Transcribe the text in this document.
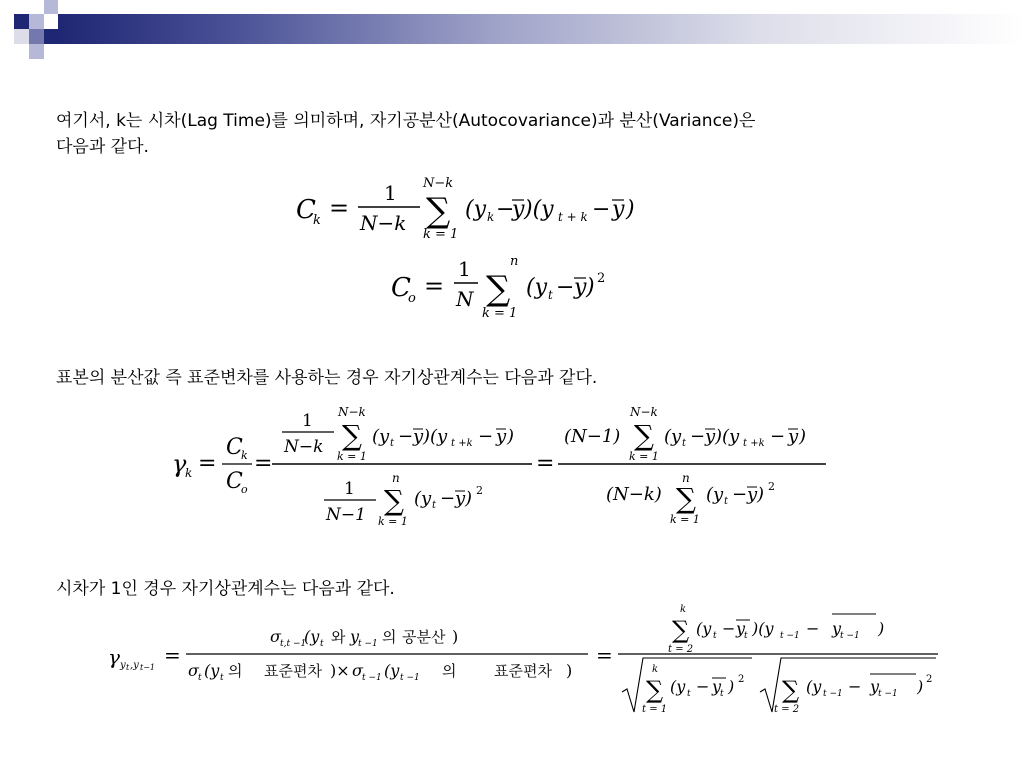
여기서, k는 시차(Lag Time)를 의미하며, 자기공분산(Autocovariance)과 분산(Variance)은
다음과 같다.
C
k =
1
N−k
N−k
∑
k = 1
(y k −
y )(y t + k − y )
C
o =
1
N
n
∑
k = 1
(y t − y ) 2
표본의 분산값 즉 표준변차를 사용하는 경우 자기상관계수는 다음과 같다.
γ
k =
C
k
C
o
=
1
N−k
N−k
∑
k = 1
(y t − y )(y t +k − y )
1
N−1
n
∑
k = 1
(y t − y ) 2
=
(N−1)
N−k
∑
k = 1
(y t − y )(y t +k − y )
(N−k)
n
∑
k = 1
(y t − y ) 2
시차가 1인 경우 자기상관계수는 다음과 같다.
γ y t ,y t−1
=
σ t,t −1
(y t 와 y
t −1 의 공분산 )
σ t (y t 의 표준편차 )× σ t −1 (y t −1 의	표준편차 )
=
k
∑
t = 2
(y t − y
t )(y t −1 − y
t −1 )
k
∑
t = 1
(y t − y
t ) 2 ∑
t = 2
(y t −1 − y
t −1 ) 2
